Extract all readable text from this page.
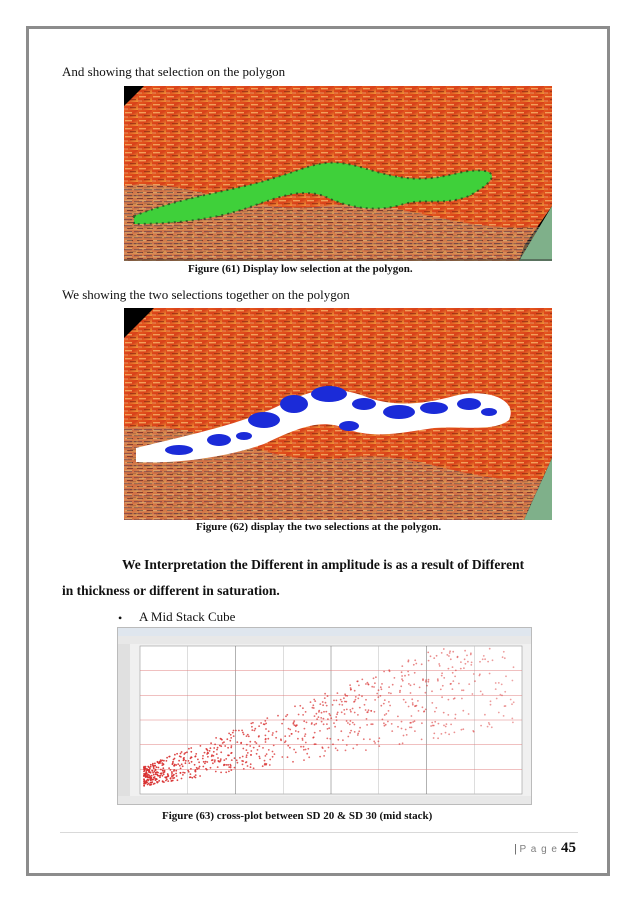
And showing that selection on the polygon
Figure (61) Display low selection at the polygon.
We showing the two selections together on the polygon
Figure (62) display the two selections at the polygon.
We Interpretation the Different in amplitude is as a result of Different
in thickness or different in saturation.
• A Mid Stack Cube
Figure (63) cross-plot between SD 20 & SD 30 (mid stack)
| P a g e 45
